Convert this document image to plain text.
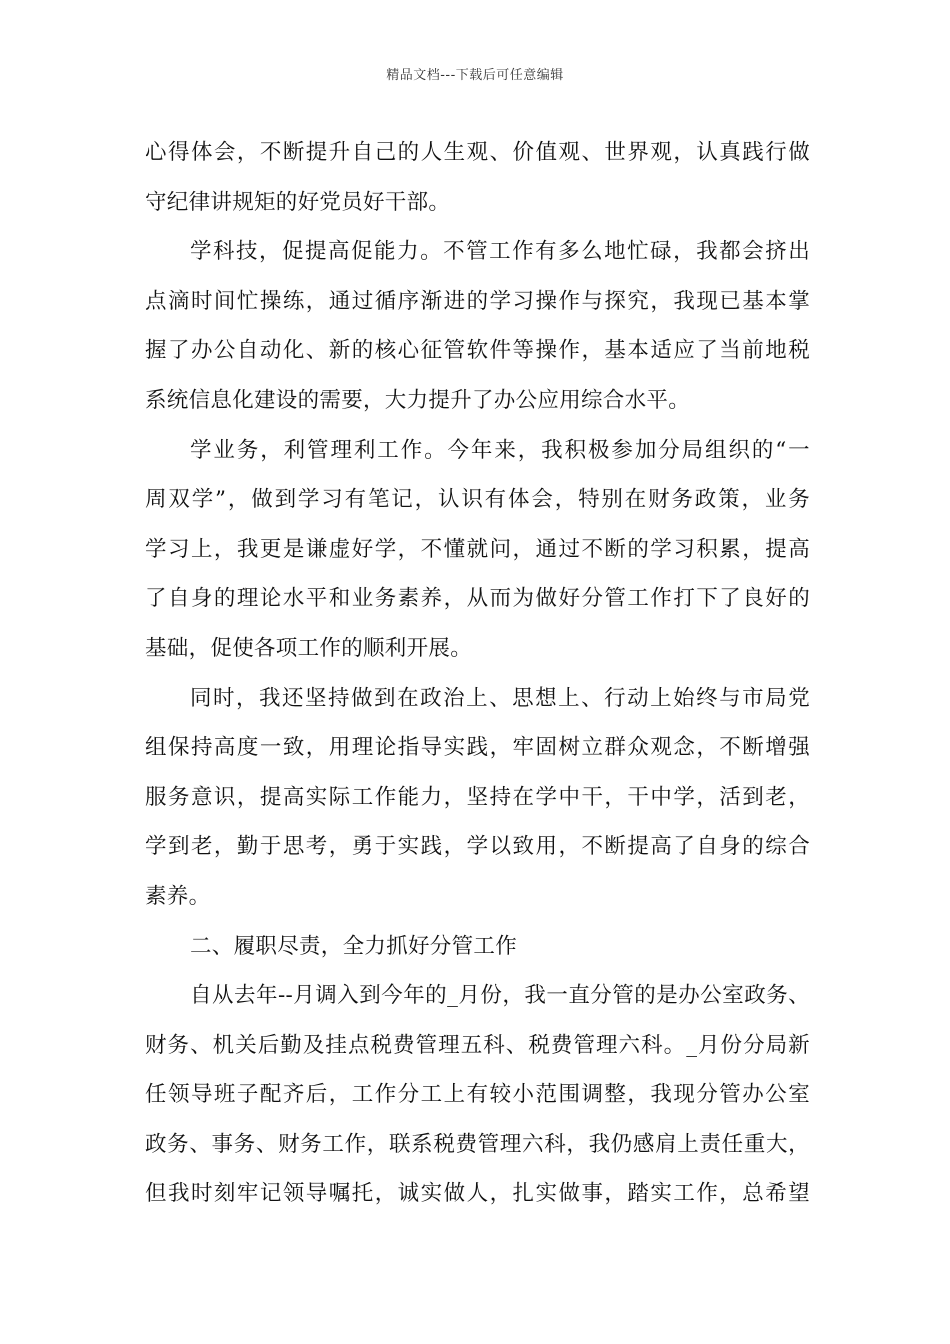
精品文档---下载后可任意编辑
心得体会，不断提升自己的人生观、价值观、世界观，认真践行做
守纪律讲规矩的好党员好干部。
学科技，促提高促能力。不管工作有多么地忙碌，我都会挤出
点滴时间忙操练，通过循序渐进的学习操作与探究，我现已基本掌
握了办公自动化、新的核心征管软件等操作，基本适应了当前地税
系统信息化建设的需要，大力提升了办公应用综合水平。
学业务，利管理利工作。今年来，我积极参加分局组织的“一
周双学”，做到学习有笔记，认识有体会，特别在财务政策，业务
学习上，我更是谦虚好学，不懂就问，通过不断的学习积累，提高
了自身的理论水平和业务素养，从而为做好分管工作打下了良好的
基础，促使各项工作的顺利开展。
同时，我还坚持做到在政治上、思想上、行动上始终与市局党
组保持高度一致，用理论指导实践，牢固树立群众观念，不断增强
服务意识，提高实际工作能力，坚持在学中干，干中学，活到老，
学到老，勤于思考，勇于实践，学以致用，不断提高了自身的综合
素养。
二、履职尽责，全力抓好分管工作
自从去年--月调入到今年的_月份，我一直分管的是办公室政务、
财务、机关后勤及挂点税费管理五科、税费管理六科。_月份分局新
任领导班子配齐后，工作分工上有较小范围调整，我现分管办公室
政务、事务、财务工作，联系税费管理六科，我仍感肩上责任重大，
但我时刻牢记领导嘱托，诚实做人，扎实做事，踏实工作，总希望
